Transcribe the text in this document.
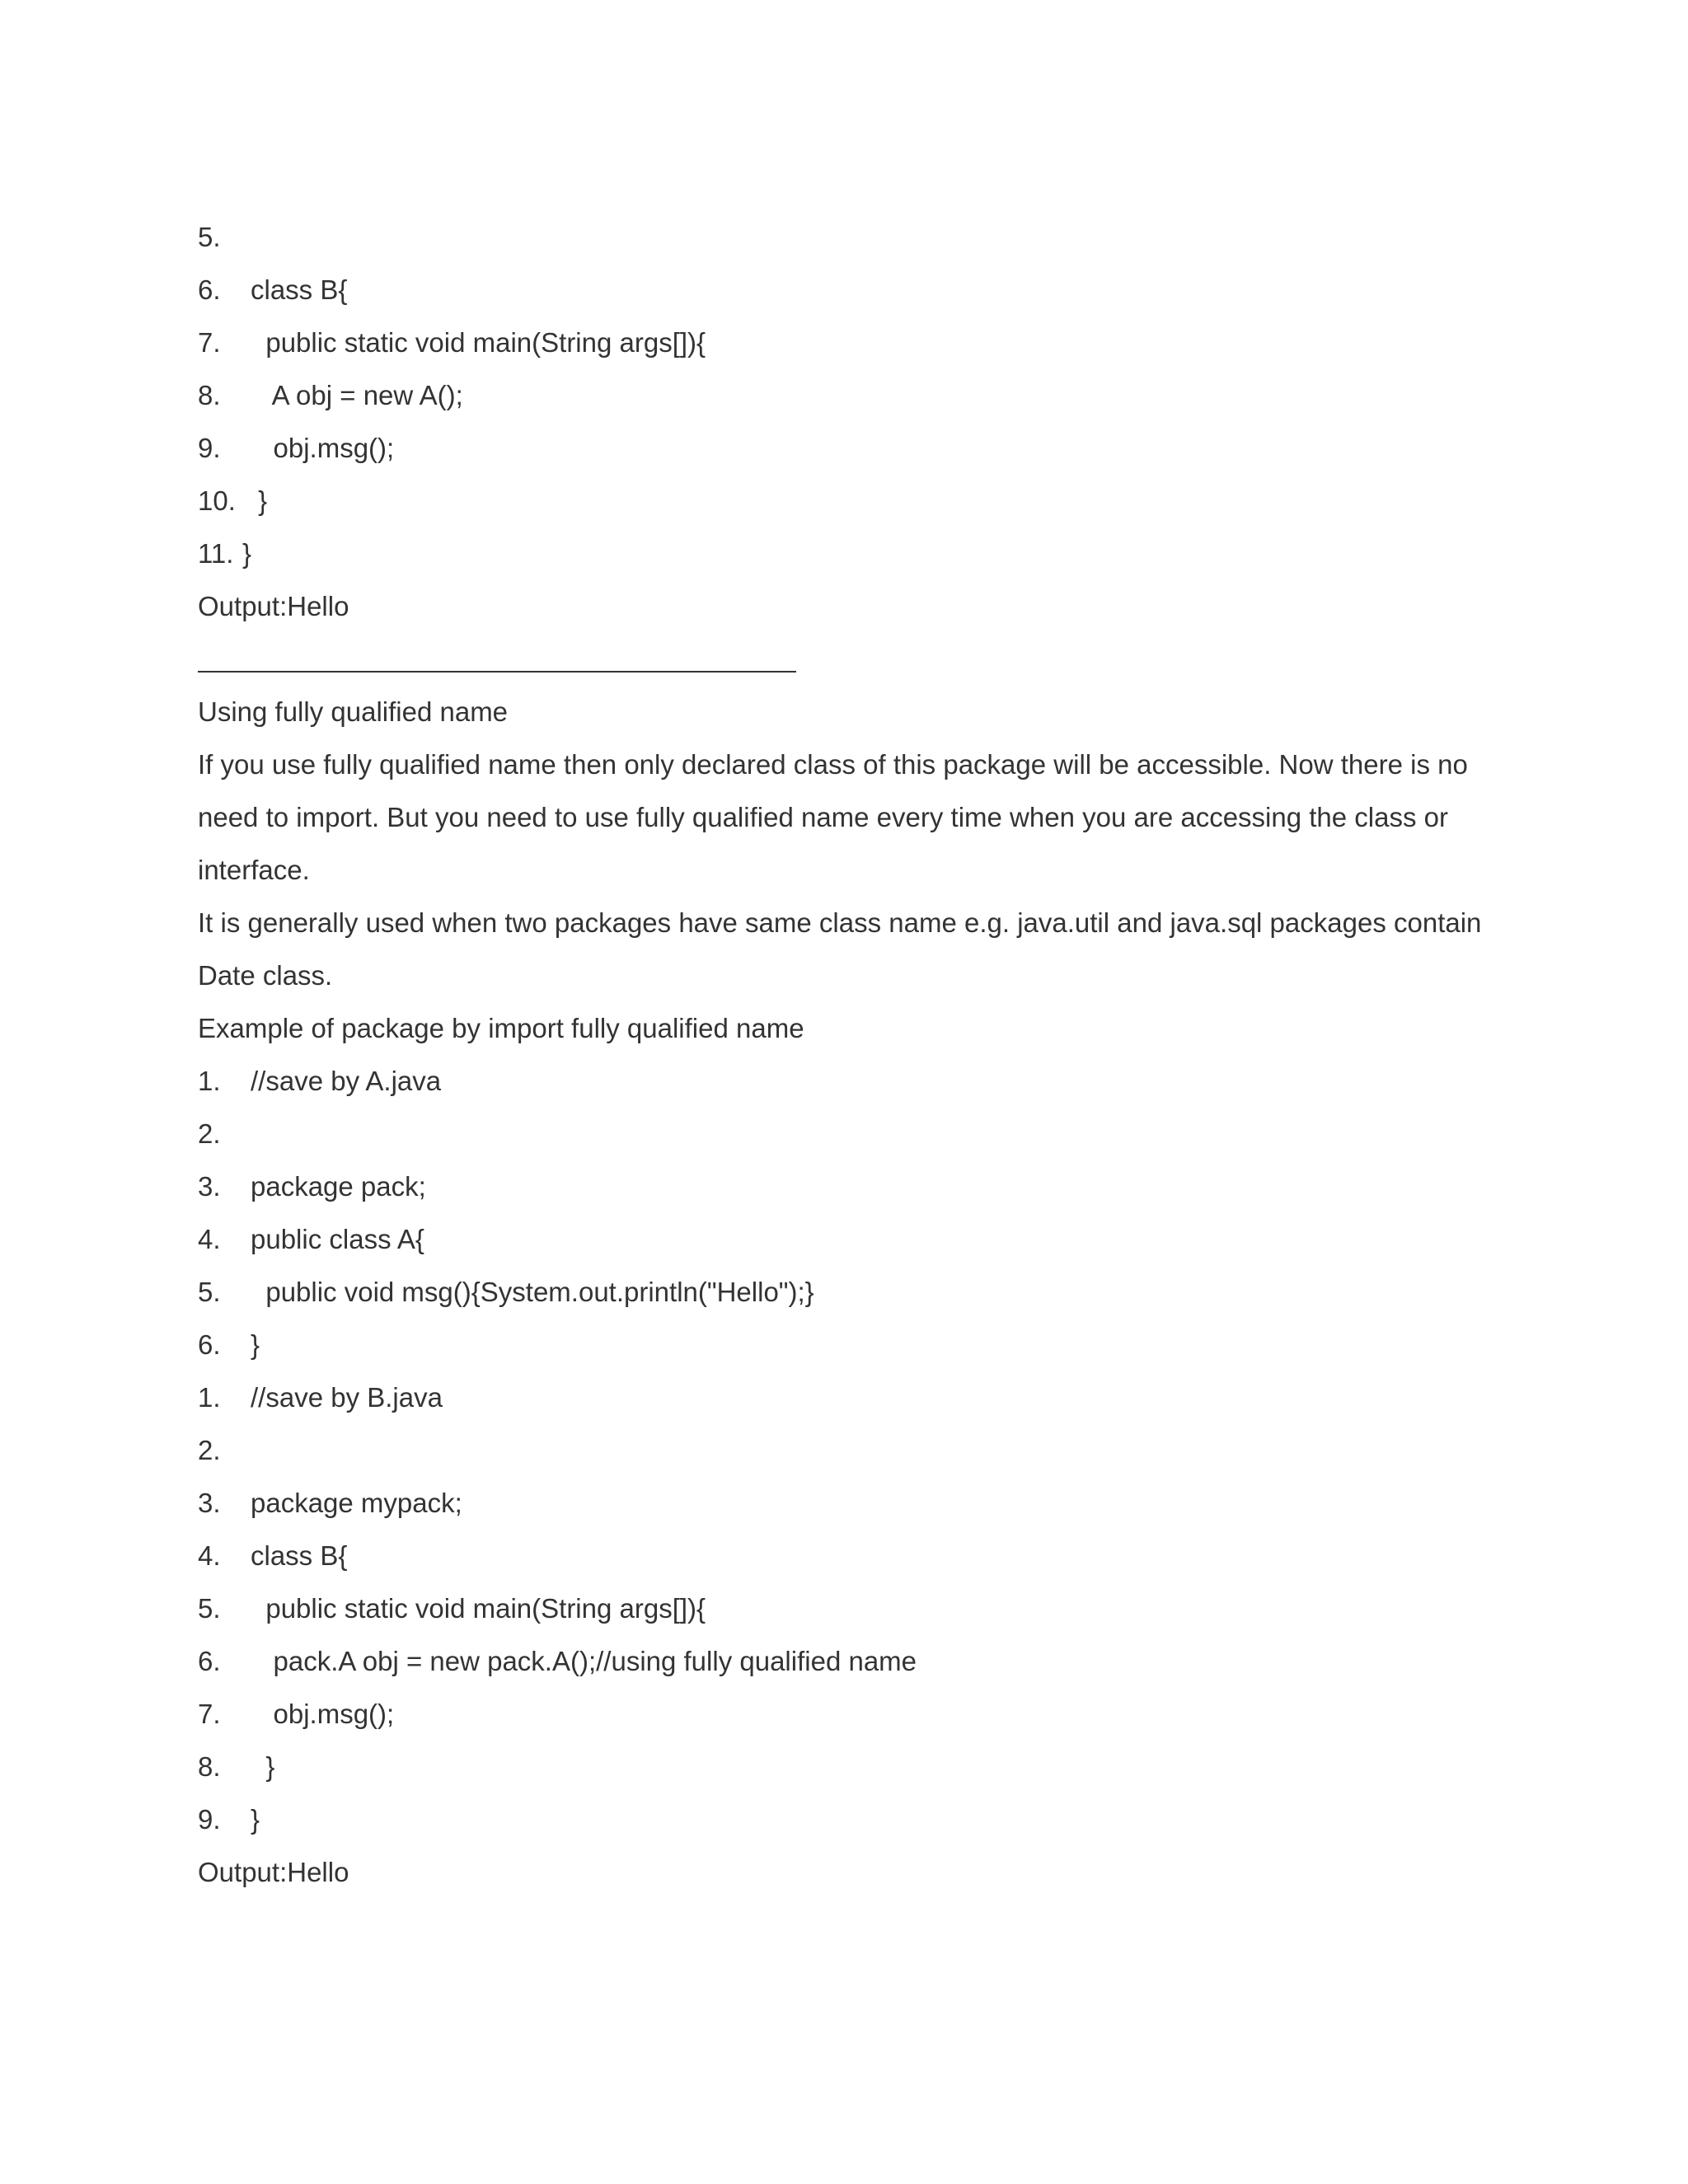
5.
6. class B{
7.  public static void main(String args[]){
8.   A obj = new A();
9.   obj.msg();
10. }
11. }
Output:Hello
Using fully qualified name
If you use fully qualified name then only declared class of this package will be accessible. Now there is no need to import. But you need to use fully qualified name every time when you are accessing the class or interface.
It is generally used when two packages have same class name e.g. java.util and java.sql packages contain Date class.
Example of package by import fully qualified name
1. //save by A.java
2.
3. package pack;
4. public class A{
5.  public void msg(){System.out.println("Hello");}
6. }
1. //save by B.java
2.
3. package mypack;
4. class B{
5.  public static void main(String args[]){
6.   pack.A obj = new pack.A();//using fully qualified name
7.   obj.msg();
8.  }
9. }
Output:Hello
